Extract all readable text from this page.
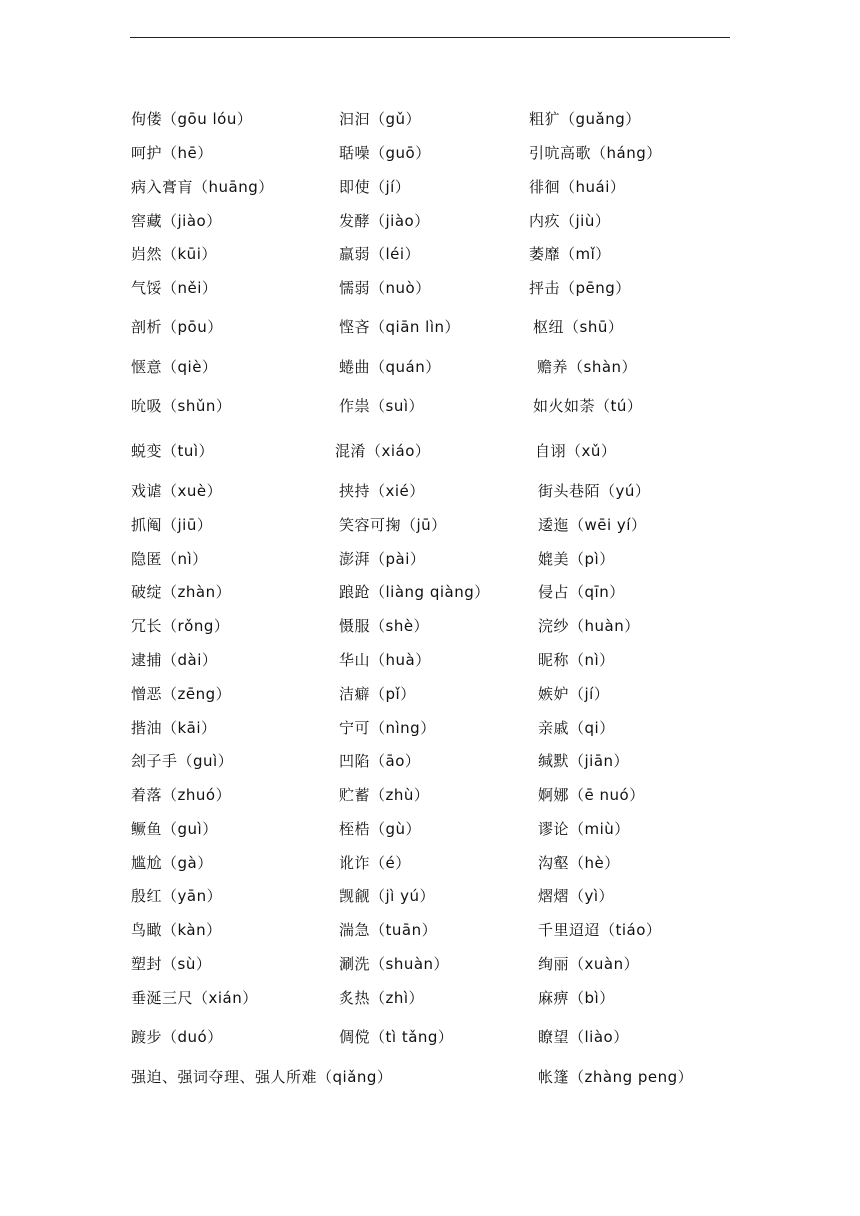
佝偻（gōu lóu）	汩汩（gǔ）	粗犷（guǎng）
呵护（hē）	聒噪（guō）	引吭高歌（háng）
病入膏肓（huāng）	即使（jí）	徘徊（huái）
窖藏（jiào）	发酵（jiào）	内疚（jiù）
岿然（kūi）	羸弱（léi）	萎靡（mǐ）
气馁（něi）	懦弱（nuò）	抨击（pēng）
剖析（pōu）	悭吝（qiān lìn）	枢纽（shū）
惬意（qiè）	蜷曲（quán）	赡养（shàn）
吮吸（shǔn）	作祟（suì）	如火如荼（tú）
蜕变（tuì）	混淆（xiáo）	自诩（xǔ）
戏谑（xuè）	挟持（xié）	街头巷陌（yú）
抓阄（jiū）	笑容可掬（jū）	逶迤（wēi yí）
隐匿（nì）	澎湃（pài）	媲美（pì）
破绽（zhàn）	踉跄（liàng qiàng）	侵占（qīn）
冗长（rǒng）	慑服（shè）	浣纱（huàn）
逮捕（dài）	华山（huà）	昵称（nì）
憎恶（zēng）	洁癖（pǐ）	嫉妒（jí）
揩油（kāi）	宁可（nìng）	亲戚（qi）
刽子手（guì）	凹陷（āo）	缄默（jiān）
着落（zhuó）	贮蓄（zhù）	婀娜（ē nuó）
鳜鱼（guì）	桎梏（gù）	谬论（miù）
尴尬（gà）	讹诈（é）	沟壑（hè）
殷红（yān）	觊觎（jì yú）	熠熠（yì）
鸟瞰（kàn）	湍急（tuān）	千里迢迢（tiáo）
塑封（sù）	涮洗（shuàn）	绚丽（xuàn）
垂涎三尺（xián）	炙热（zhì）	麻痹（bì）
踱步（duó）	倜傥（tì tǎng）	瞭望（liào）
强迫、强词夺理、强人所难（qiǎng）	帐篷（zhàng peng）
